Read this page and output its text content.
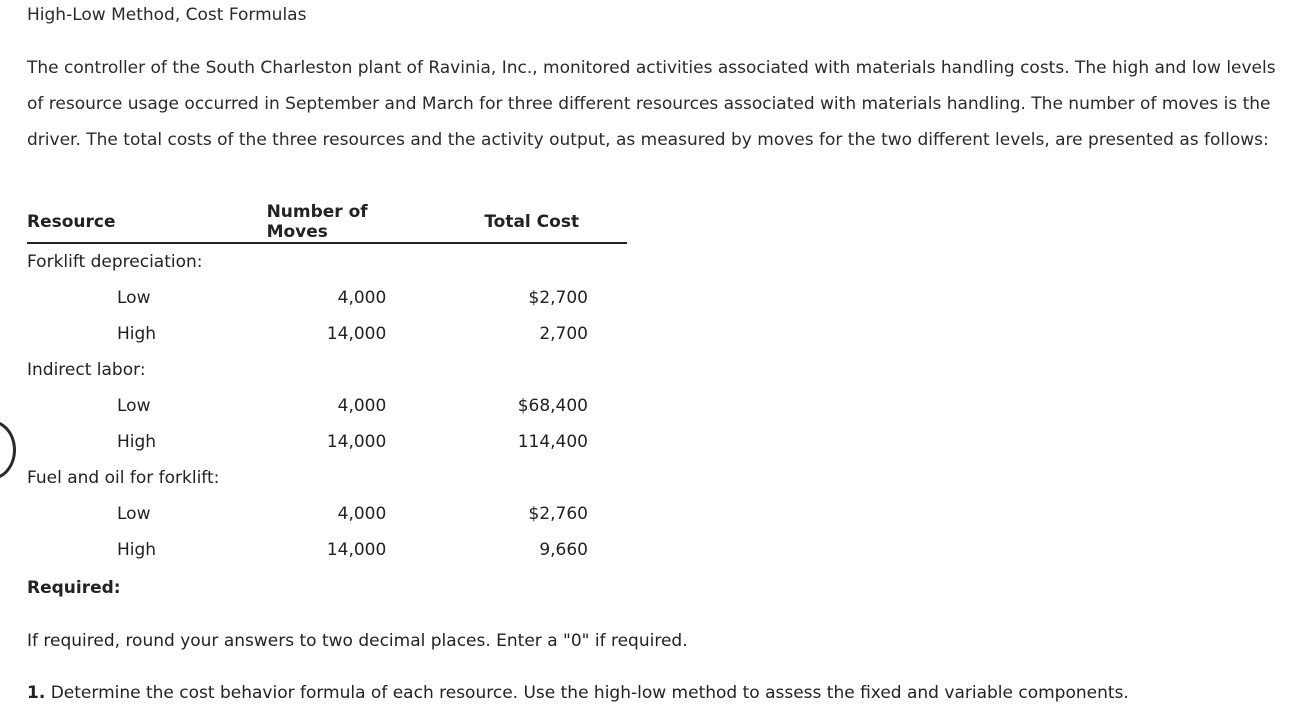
High-Low Method, Cost Formulas
The controller of the South Charleston plant of Ravinia, Inc., monitored activities associated with materials handling costs. The high and low levels of resource usage occurred in September and March for three different resources associated with materials handling. The number of moves is the driver. The total costs of the three resources and the activity output, as measured by moves for the two different levels, are presented as follows:
Resource	Number of Moves	Total Cost
Forklift depreciation:		
Low	4,000	$2,700
High	14,000	2,700
Indirect labor:		
Low	4,000	$68,400
High	14,000	114,400
Fuel and oil for forklift:		
Low	4,000	$2,760
High	14,000	9,660
Required:
If required, round your answers to two decimal places. Enter a "0" if required.
1. Determine the cost behavior formula of each resource. Use the high-low method to assess the fixed and variable components.
